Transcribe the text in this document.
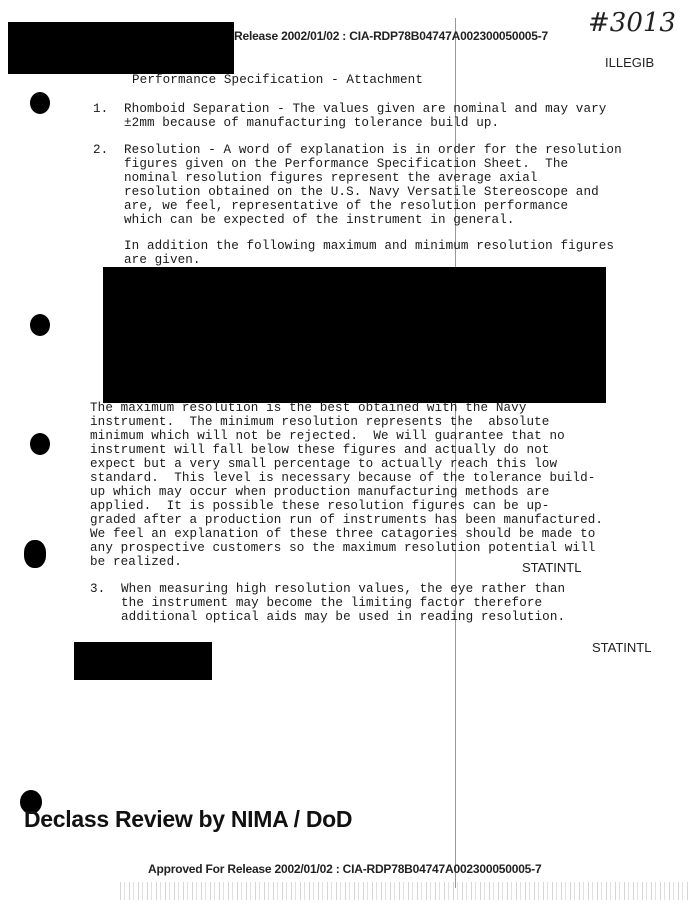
Release 2002/01/02 : CIA-RDP78B04747A002300050005-7 #3013
ILLEGIB
Performance Specification - Attachment
1. Rhomboid Separation - The values given are nominal and may vary
±2mm because of manufacturing tolerance build up.
2. Resolution - A word of explanation is in order for the resolution
figures given on the Performance Specification Sheet.  The
nominal resolution figures represent the average axial
resolution obtained on the U.S. Navy Versatile Stereoscope and
are, we feel, representative of the resolution performance
which can be expected of the instrument in general.
In addition the following maximum and minimum resolution figures
are given.
The maximum resolution is the best obtained with the Navy
instrument.  The minimum resolution represents the  absolute
minimum which will not be rejected.  We will guarantee that no
instrument will fall below these figures and actually do not
expect but a very small percentage to actually reach this low
standard.  This level is necessary because of the tolerance build-
up which may occur when production manufacturing methods are
applied.  It is possible these resolution figures can be up-
graded after a production run of instruments has been manufactured.
We feel an explanation of these three catagories should be made to
any prospective customers so the maximum resolution potential will
be realized.	STATINTL
3. When measuring high resolution values, the eye rather than
the instrument may become the limiting factor therefore
additional optical aids may be used in reading resolution.
STATINTL
Declass Review by NIMA / DoD
Approved For Release 2002/01/02 : CIA-RDP78B04747A002300050005-7
